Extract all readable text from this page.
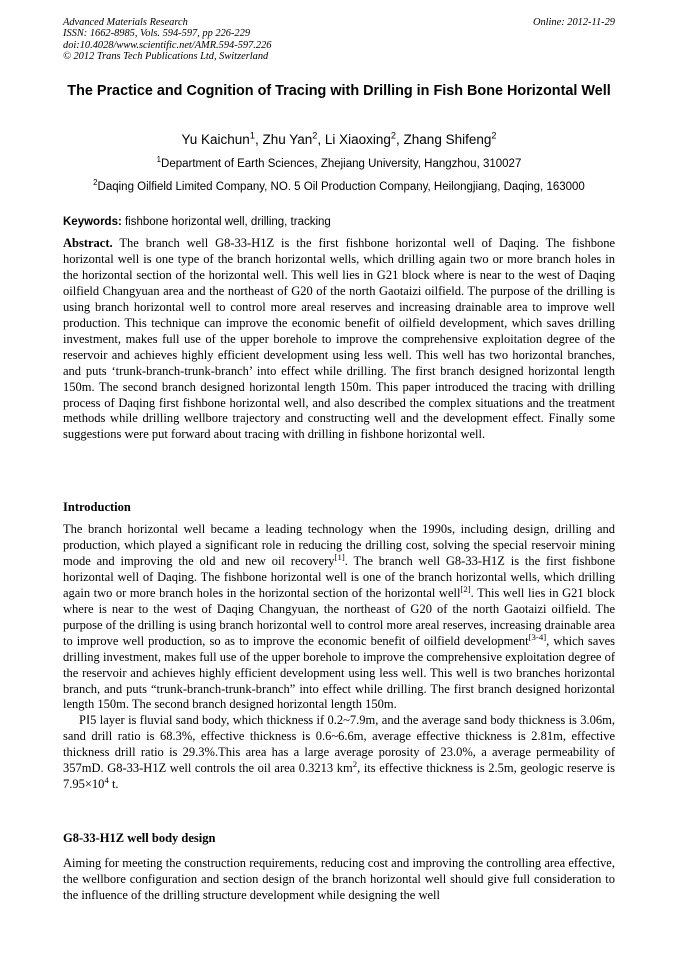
Advanced Materials Research
ISSN: 1662-8985, Vols. 594-597, pp 226-229
doi:10.4028/www.scientific.net/AMR.594-597.226
© 2012 Trans Tech Publications Ltd, Switzerland
Online: 2012-11-29
The Practice and Cognition of Tracing with Drilling in Fish Bone Horizontal Well
Yu Kaichun$^1$, Zhu Yan$^2$, Li Xiaoxing$^2$, Zhang Shifeng$^2$
$^1$Department of Earth Sciences, Zhejiang University, Hangzhou, 310027
$^2$Daqing Oilfield Limited Company, NO. 5 Oil Production Company, Heilongjiang, Daqing, 163000
Keywords: fishbone horizontal well, drilling, tracking

Abstract. The branch well G8-33-H1Z is the first fishbone horizontal well of Daqing. The fishbone horizontal well is one type of the branch horizontal wells, which drilling again two or more branch holes in the horizontal section of the horizontal well. This well lies in G21 block where is near to the west of Daqing oilfield Changyuan area and the northeast of G20 of the north Gaotaizi oilfield. The purpose of the drilling is using branch horizontal well to control more areal reserves and increasing drainable area to improve well production. This technique can improve the economic benefit of oilfield development, which saves drilling investment, makes full use of the upper borehole to improve the comprehensive exploitation degree of the reservoir and achieves highly efficient development using less well. This well has two horizontal branches, and puts ‘trunk-branch-trunk-branch’ into effect while drilling. The first branch designed horizontal length 150m. The second branch designed horizontal length 150m. This paper introduced the tracing with drilling process of Daqing first fishbone horizontal well, and also described the complex situations and the treatment methods while drilling wellbore trajectory and constructing well and the development effect. Finally some suggestions were put forward about tracing with drilling in fishbone horizontal well.

Introduction

The branch horizontal well became a leading technology when the 1990s, including design, drilling and production, which played a significant role in reducing the drilling cost, solving the special reservoir mining mode and improving the old and new oil recovery[1]. The branch well G8-33-H1Z is the first fishbone horizontal well of Daqing. The fishbone horizontal well is one of the branch horizontal wells, which drilling again two or more branch holes in the horizontal section of the horizontal well[2]. This well lies in G21 block where is near to the west of Daqing Changyuan, the northeast of G20 of the north Gaotaizi oilfield. The purpose of the drilling is using branch horizontal well to control more areal reserves, increasing drainable area to improve well production, so as to improve the economic benefit of oilfield development[3-4], which saves drilling investment, makes full use of the upper borehole to improve the comprehensive exploitation degree of the reservoir and achieves highly efficient development using less well. This well is two branches horizontal branch, and puts “trunk-branch-trunk-branch” into effect while drilling. The first branch designed horizontal length 150m. The second branch designed horizontal length 150m.

PⅠ5 layer is fluvial sand body, which thickness if 0.2~7.9m, and the average sand body thickness is 3.06m, sand drill ratio is 68.3%, effective thickness is 0.6~6.6m, average effective thickness is 2.81m, effective thickness drill ratio is 29.3%.This area has a large average porosity of 23.0%, a average permeability of 357mD. G8-33-H1Z well controls the oil area 0.3213 $km^2$, its effective thickness is 2.5m, geologic reserve is $7.95\times 10^4$ t.

G8-33-H1Z well body design

Aiming for meeting the construction requirements, reducing cost and improving the controlling area effective, the wellbore configuration and section design of the branch horizontal well should give full consideration to the influence of the drilling structure development while designing the well
